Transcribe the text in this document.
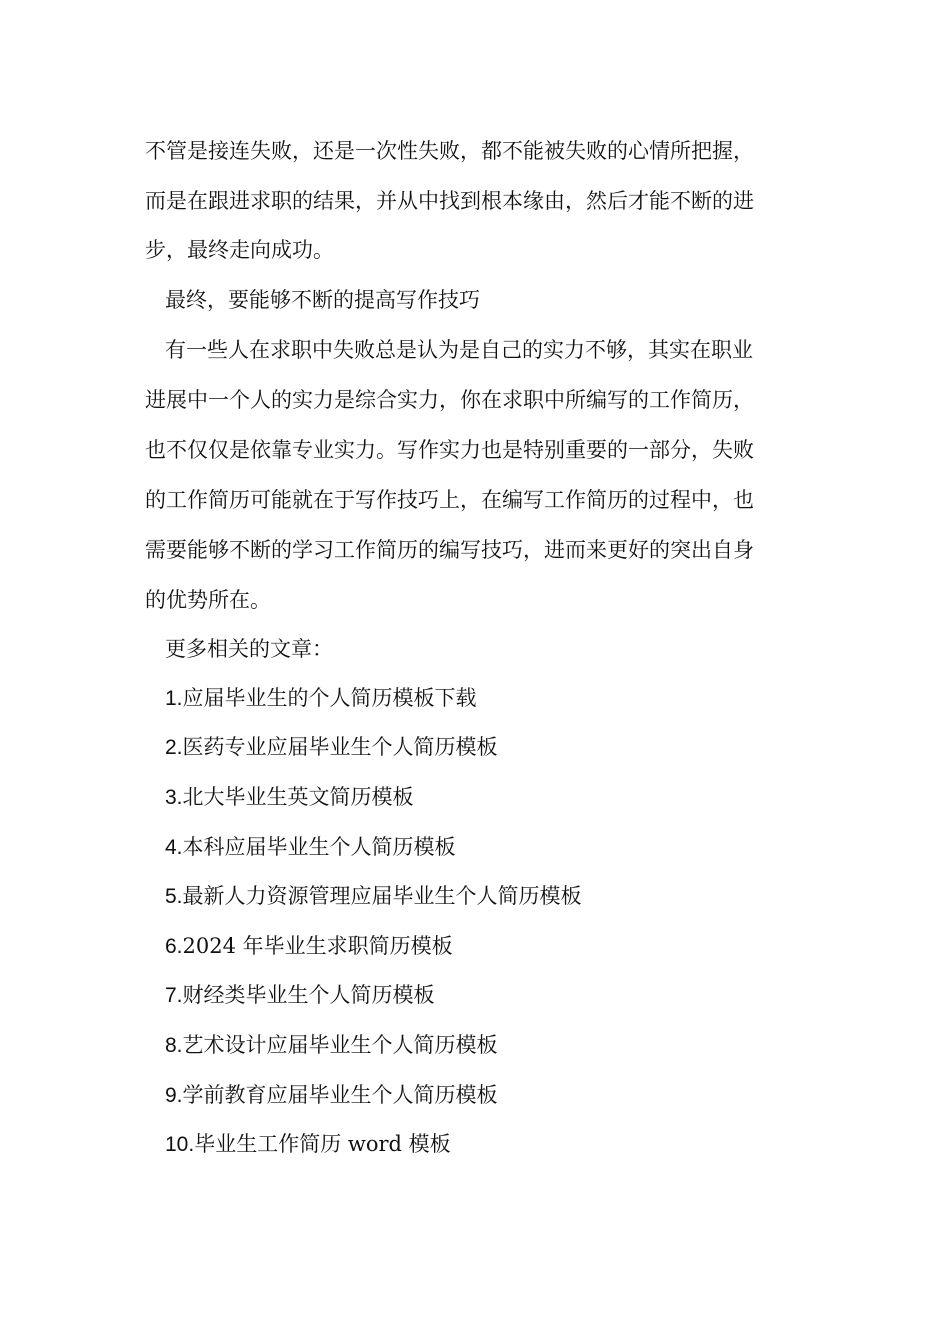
不管是接连失败，还是一次性失败，都不能被失败的心情所把握，
而是在跟进求职的结果，并从中找到根本缘由，然后才能不断的进
步，最终走向成功。
最终，要能够不断的提高写作技巧
有一些人在求职中失败总是认为是自己的实力不够，其实在职业
进展中一个人的实力是综合实力，你在求职中所编写的工作简历，
也不仅仅是依靠专业实力。写作实力也是特别重要的一部分，失败
的工作简历可能就在于写作技巧上，在编写工作简历的过程中，也
需要能够不断的学习工作简历的编写技巧，进而来更好的突出自身
的优势所在。
更多相关的文章：
1.应届毕业生的个人简历模板下载
2.医药专业应届毕业生个人简历模板
3.北大毕业生英文简历模板
4.本科应届毕业生个人简历模板
5.最新人力资源管理应届毕业生个人简历模板
6.2024 年毕业生求职简历模板
7.财经类毕业生个人简历模板
8.艺术设计应届毕业生个人简历模板
9.学前教育应届毕业生个人简历模板
10.毕业生工作简历 word 模板
